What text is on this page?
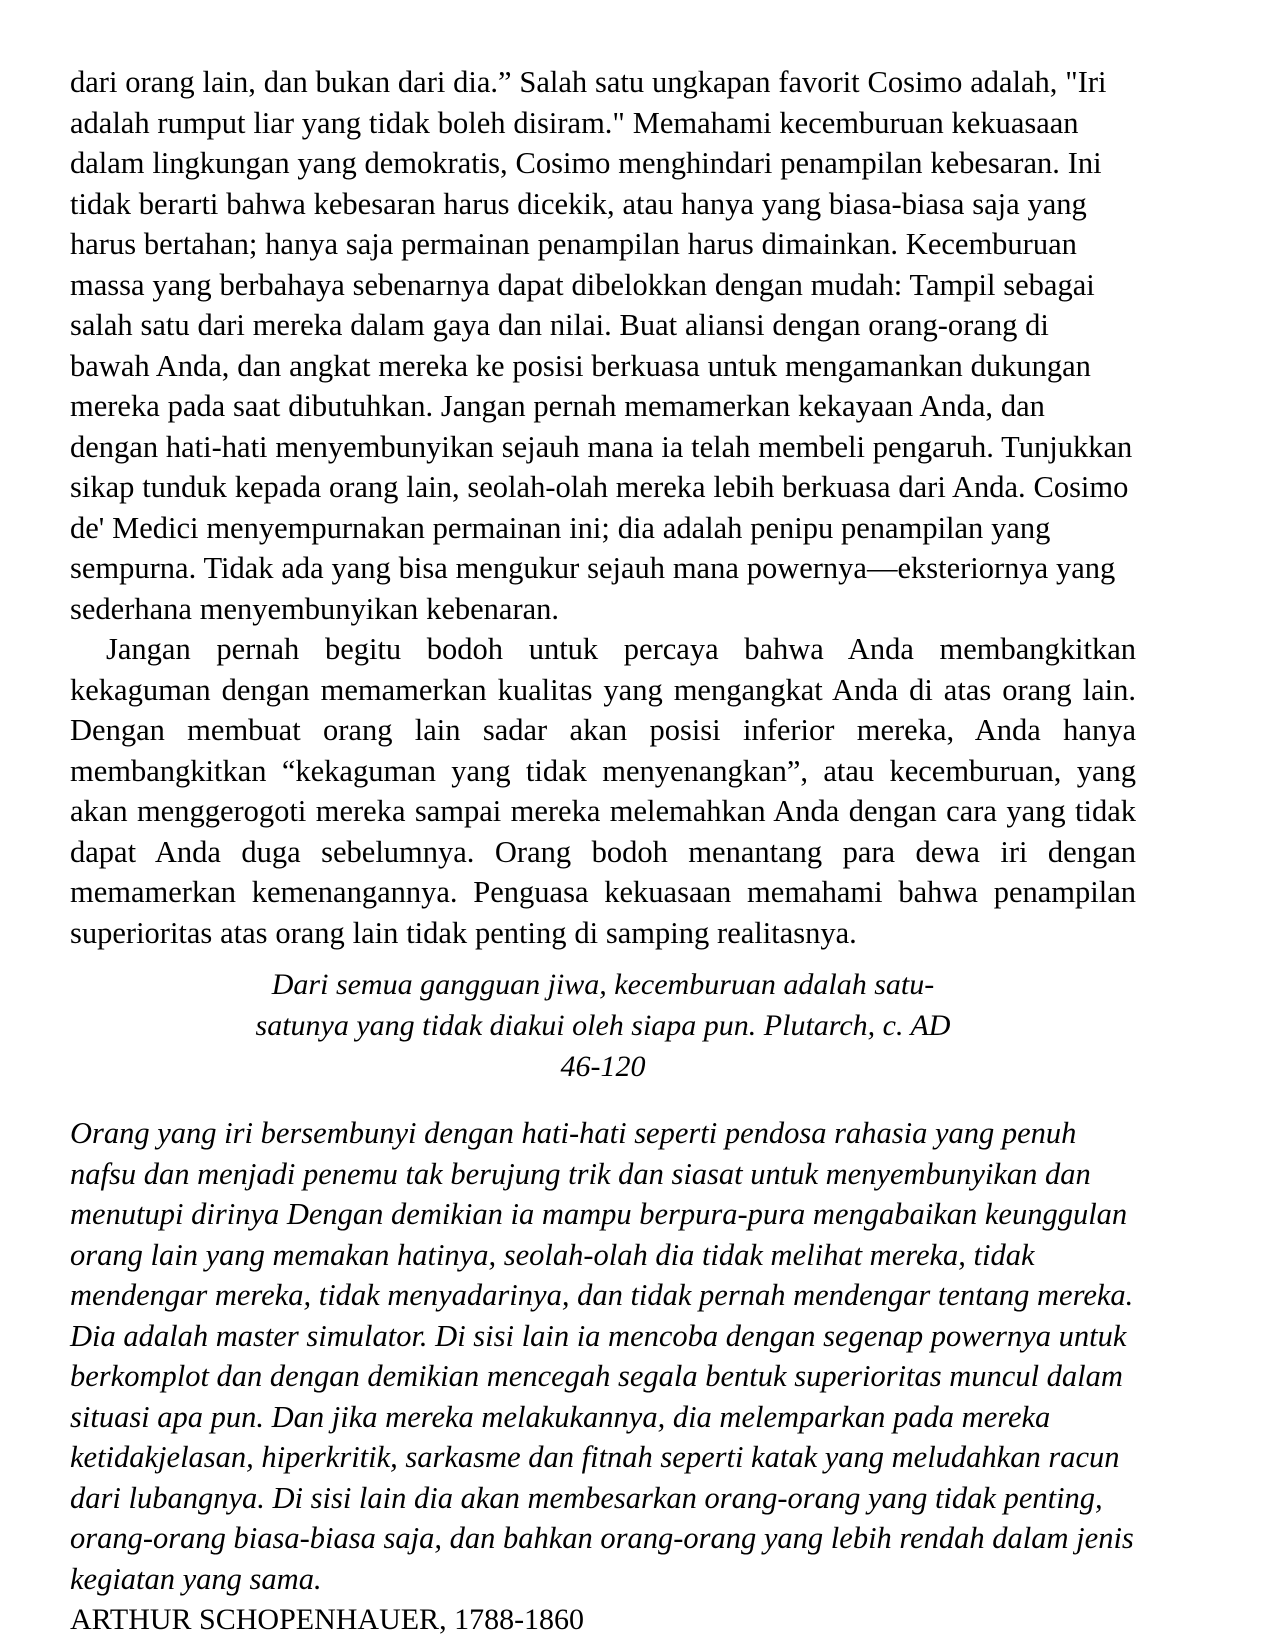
dari orang lain, dan bukan dari dia.” Salah satu ungkapan favorit Cosimo adalah, "Iri adalah rumput liar yang tidak boleh disiram." Memahami kecemburuan kekuasaan dalam lingkungan yang demokratis, Cosimo menghindari penampilan kebesaran. Ini tidak berarti bahwa kebesaran harus dicekik, atau hanya yang biasa-biasa saja yang harus bertahan; hanya saja permainan penampilan harus dimainkan. Kecemburuan massa yang berbahaya sebenarnya dapat dibelokkan dengan mudah: Tampil sebagai salah satu dari mereka dalam gaya dan nilai. Buat aliansi dengan orang-orang di bawah Anda, dan angkat mereka ke posisi berkuasa untuk mengamankan dukungan mereka pada saat dibutuhkan. Jangan pernah memamerkan kekayaan Anda, dan dengan hati-hati menyembunyikan sejauh mana ia telah membeli pengaruh. Tunjukkan sikap tunduk kepada orang lain, seolah-olah mereka lebih berkuasa dari Anda. Cosimo de' Medici menyempurnakan permainan ini; dia adalah penipu penampilan yang sempurna. Tidak ada yang bisa mengukur sejauh mana powernya—eksteriornya yang sederhana menyembunyikan kebenaran.

Jangan pernah begitu bodoh untuk percaya bahwa Anda membangkitkan kekaguman dengan memamerkan kualitas yang mengangkat Anda di atas orang lain. Dengan membuat orang lain sadar akan posisi inferior mereka, Anda hanya membangkitkan “kekaguman yang tidak menyenangkan”, atau kecemburuan, yang akan menggerogoti mereka sampai mereka melemahkan Anda dengan cara yang tidak dapat Anda duga sebelumnya. Orang bodoh menantang para dewa iri dengan memamerkan kemenangannya. Penguasa kekuasaan memahami bahwa penampilan superioritas atas orang lain tidak penting di samping realitasnya.

Dari semua gangguan jiwa, kecemburuan adalah satu-
satunya yang tidak diakui oleh siapa pun. Plutarch, c. AD
46-120

Orang yang iri bersembunyi dengan hati-hati seperti pendosa rahasia yang penuh nafsu dan menjadi penemu tak berujung trik dan siasat untuk menyembunyikan dan menutupi dirinya Dengan demikian ia mampu berpura-pura mengabaikan keunggulan orang lain yang memakan hatinya, seolah-olah dia tidak melihat mereka, tidak mendengar mereka, tidak menyadarinya, dan tidak pernah mendengar tentang mereka. Dia adalah master simulator. Di sisi lain ia mencoba dengan segenap powernya untuk berkomplot dan dengan demikian mencegah segala bentuk superioritas muncul dalam situasi apa pun. Dan jika mereka melakukannya, dia melemparkan pada mereka ketidakjelasan, hiperkritik, sarkasme dan fitnah seperti katak yang meludahkan racun dari lubangnya. Di sisi lain dia akan membesarkan orang-orang yang tidak penting, orang-orang biasa-biasa saja, dan bahkan orang-orang yang lebih rendah dalam jenis kegiatan yang sama.

ARTHUR SCHOPENHAUER, 1788-1860
